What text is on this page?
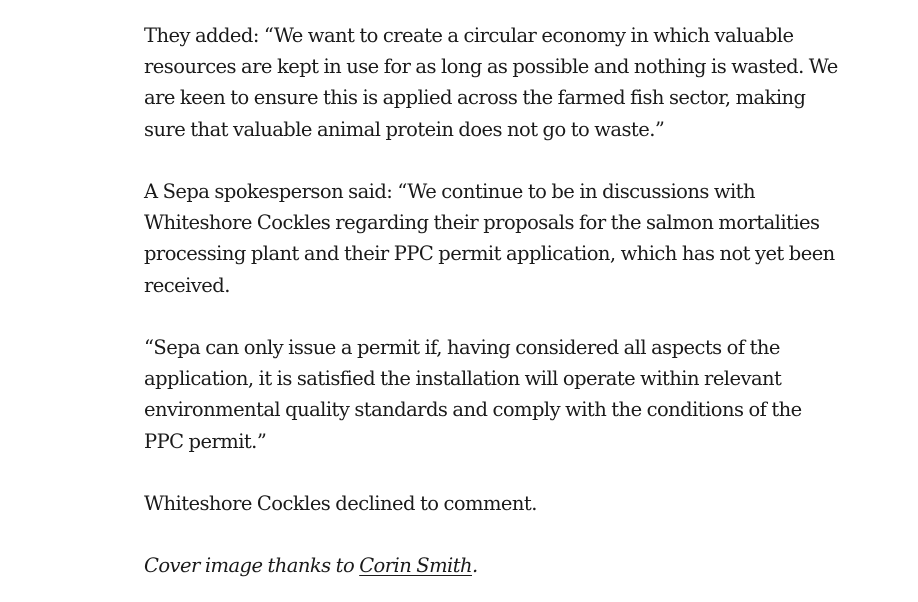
They added: “We want to create a circular economy in which valuable resources are kept in use for as long as possible and nothing is wasted. We are keen to ensure this is applied across the farmed fish sector, making sure that valuable animal protein does not go to waste.”

A Sepa spokesperson said: “We continue to be in discussions with Whiteshore Cockles regarding their proposals for the salmon mortalities processing plant and their PPC permit application, which has not yet been received.

“Sepa can only issue a permit if, having considered all aspects of the application, it is satisfied the installation will operate within relevant environmental quality standards and comply with the conditions of the PPC permit.”

Whiteshore Cockles declined to comment.

Cover image thanks to Corin Smith.
